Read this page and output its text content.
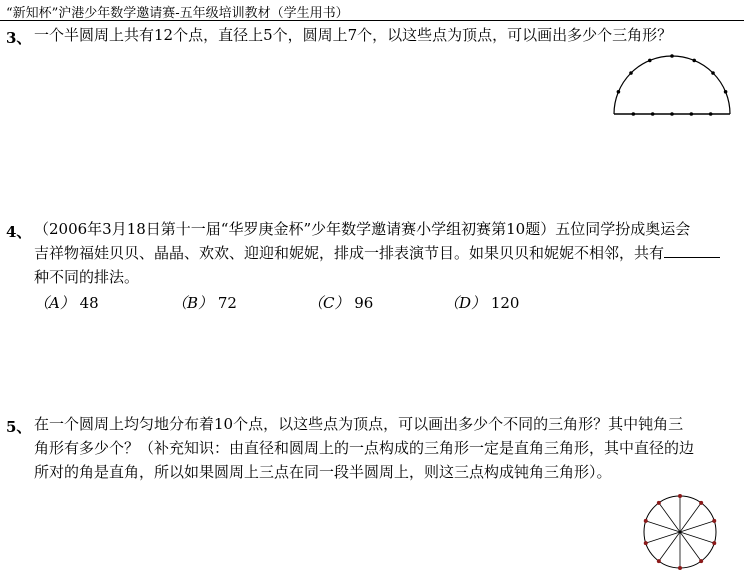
“新知杯”沪港少年数学邀请赛-五年级培训教材（学生用书）
3、 一个半圆周上共有12个点，直径上5个，圆周上7个，以这些点为顶点，可以画出多少个三角形？
4、 （2006年3月18日第十一届“华罗庚金杯”少年数学邀请赛小学组初赛第10题）五位同学扮成奥运会
吉祥物福娃贝贝、晶晶、欢欢、迎迎和妮妮，排成一排表演节目。如果贝贝和妮妮不相邻，共有
种不同的排法。
（A） 48	（B） 72	（C） 96	（D） 120
5、 在一个圆周上均匀地分布着10个点，以这些点为顶点，可以画出多少个不同的三角形？其中钝角三
角形有多少个？（补充知识：由直径和圆周上的一点构成的三角形一定是直角三角形，其中直径的边
所对的角是直角，所以如果圆周上三点在同一段半圆周上，则这三点构成钝角三角形）。
